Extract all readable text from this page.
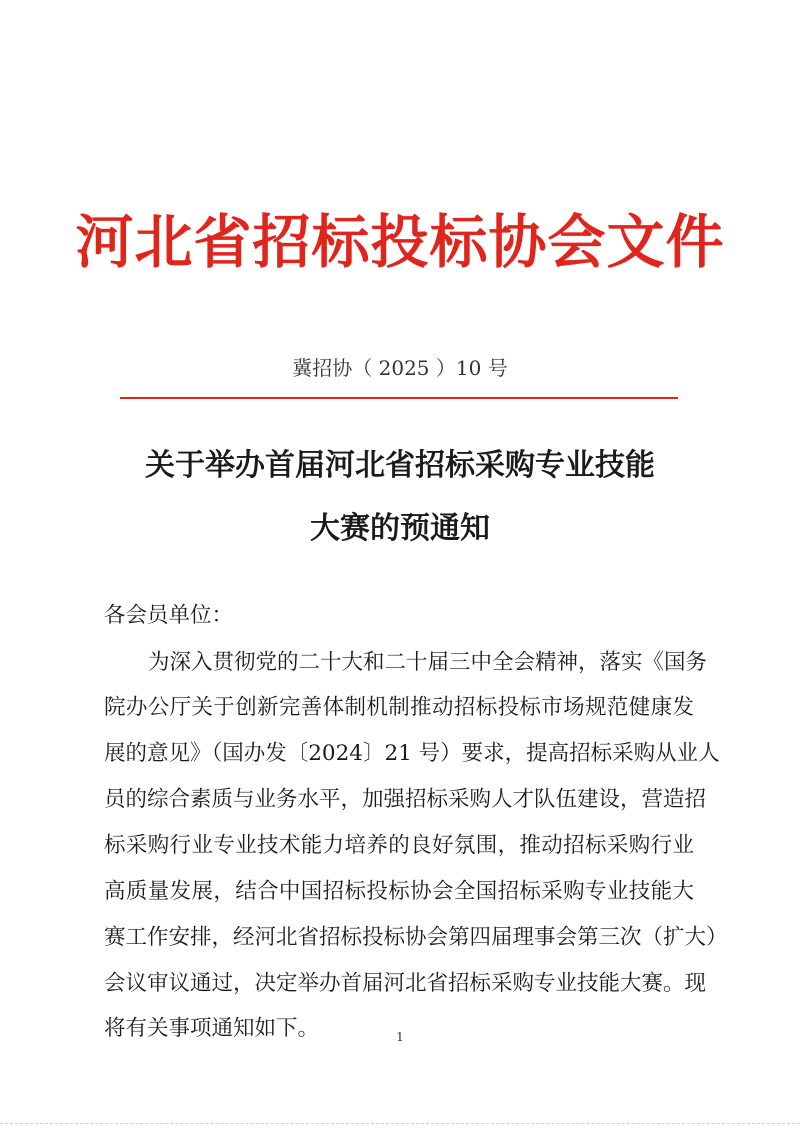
河北省招标投标协会文件
冀招协（ 2025 ）10 号
关于举办首届河北省招标采购专业技能
大赛的预通知
各会员单位：
为深入贯彻党的二十大和二十届三中全会精神，落实《国务
院办公厅关于创新完善体制机制推动招标投标市场规范健康发
展的意见》（国办发〔2024〕21 号）要求，提高招标采购从业人
员的综合素质与业务水平，加强招标采购人才队伍建设，营造招
标采购行业专业技术能力培养的良好氛围，推动招标采购行业
高质量发展，结合中国招标投标协会全国招标采购专业技能大
赛工作安排，经河北省招标投标协会第四届理事会第三次（扩大）
会议审议通过，决定举办首届河北省招标采购专业技能大赛。现
将有关事项通知如下。	1
